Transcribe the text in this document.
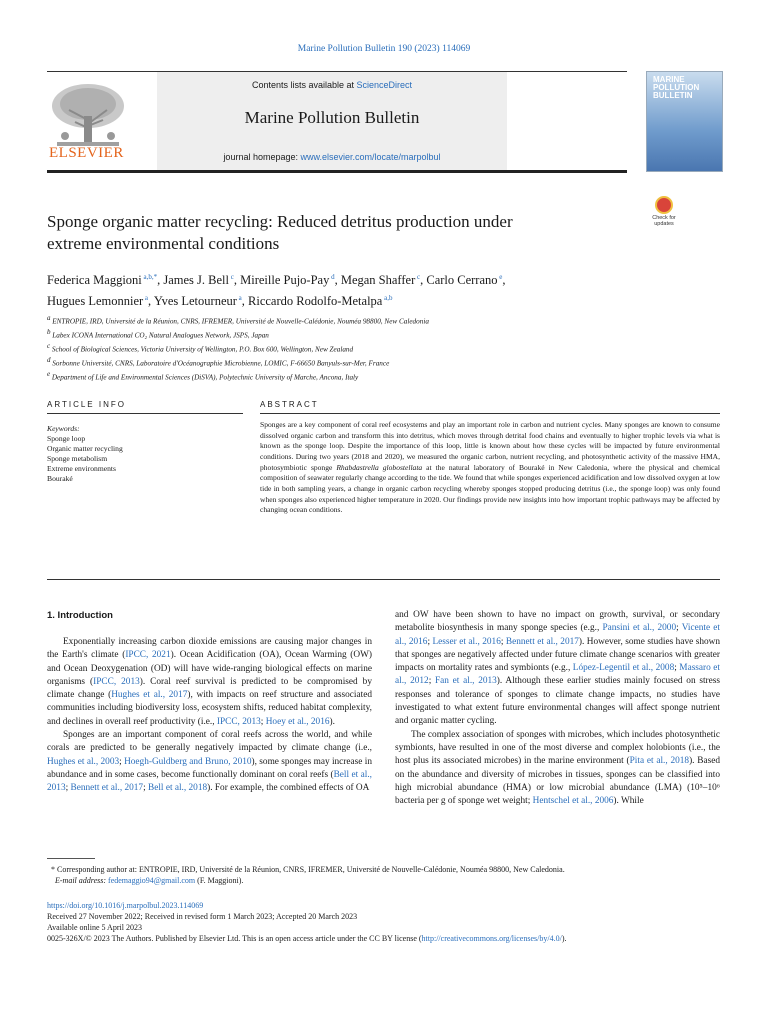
Marine Pollution Bulletin 190 (2023) 114069
ELSEVIER
Contents lists available at ScienceDirect
Marine Pollution Bulletin
journal homepage: www.elsevier.com/locate/marpolbul
MARINE
POLLUTION
BULLETIN
Check for
updates
Sponge organic matter recycling: Reduced detritus production under
extreme environmental conditions
Federica Maggioni $^{a,b,*}$, James J. Bell $^c$, Mireille Pujo-Pay $^d$, Megan Shaffer $^c$, Carlo Cerrano $^e$,
Hugues Lemonnier $^a$, Yves Letourneur $^a$, Riccardo Rodolfo-Metalpa $^{a,b}$
$^a$ ENTROPIE, IRD, Université de la Réunion, CNRS, IFREMER, Université de Nouvelle-Calédonie, Nouméa 98800, New Caledonia
$^b$ Labex ICONA International CO₂ Natural Analogues Network, JSPS, Japan
$^c$ School of Biological Sciences, Victoria University of Wellington, P.O. Box 600, Wellington, New Zealand
$^d$ Sorbonne Université, CNRS, Laboratoire d'Océanographie Microbienne, LOMIC, F-66650 Banyuls-sur-Mer, France
$^e$ Department of Life and Environmental Sciences (DiSVA), Polytechnic University of Marche, Ancona, Italy
ARTICLE INFO	ABSTRACT
Keywords:
Sponge loop
Organic matter recycling
Sponge metabolism
Extreme environments
Bouraké
Sponges are a key component of coral reef ecosystems and play an important role in carbon and nutrient cycles. Many sponges are known to consume dissolved organic carbon and transform this into detritus, which moves through detrital food chains and eventually to higher trophic levels via what is known as the sponge loop. Despite the importance of this loop, little is known about how these cycles will be impacted by future environmental conditions. During two years (2018 and 2020), we measured the organic carbon, nutrient recycling, and photosynthetic activity of the massive HMA, photosymbiotic sponge Rhabdastrella globostellata at the natural laboratory of Bouraké in New Caledonia, where the physical and chemical composition of seawater regularly change according to the tide. We found that while sponges experienced acidification and low dissolved oxygen at low tide in both sampling years, a change in organic carbon recycling whereby sponges stopped producing detritus (i.e., the sponge loop) was only found when sponges also experienced higher temperature in 2020. Our findings provide new insights into how important trophic pathways may be affected by changing ocean conditions.
1. Introduction

Exponentially increasing carbon dioxide emissions are causing major changes in the Earth's climate (IPCC, 2021). Ocean Acidification (OA), Ocean Warming (OW) and Ocean Deoxygenation (OD) will have wide-ranging biological effects on marine organisms (IPCC, 2013). Coral reef survival is predicted to be compromised by climate change (Hughes et al., 2017), with impacts on reef structure and associated communities including biodiversity loss, ecosystem shifts, reduced habitat complexity, and declines in overall reef productivity (i.e., IPCC, 2013; Hoey et al., 2016).

Sponges are an important component of coral reefs across the world, and while corals are predicted to be generally negatively impacted by climate change (i.e., Hughes et al., 2003; Hoegh-Guldberg and Bruno, 2010), some sponges may increase in abundance and in some cases, become functionally dominant on coral reefs (Bell et al., 2013; Bennett et al., 2017; Bell et al., 2018). For example, the combined effects of OA

and OW have been shown to have no impact on growth, survival, or secondary metabolite biosynthesis in many sponge species (e.g., Pansini et al., 2000; Vicente et al., 2016; Lesser et al., 2016; Bennett et al., 2017). However, some studies have shown that sponges are negatively affected under future climate change scenarios with greater impacts on mortality rates and symbionts (e.g., López-Legentil et al., 2008; Massaro et al., 2012; Fan et al., 2013). Although these earlier studies mainly focused on stress responses and tolerance of sponges to climate change impacts, no studies have investigated to what extent future environmental changes will affect sponge nutrient and organic matter cycling.

The complex association of sponges with microbes, which includes photosynthetic symbionts, have resulted in one of the most diverse and complex holobionts (i.e., the host plus its associated microbes) in the marine environment (Pita et al., 2018). Based on the abundance and diversity of microbes in tissues, sponges can be classified into high microbial abundance (HMA) or low microbial abundance (LMA) (10⁵–10⁶ bacteria per g of sponge wet weight; Hentschel et al., 2006). While

* Corresponding author at: ENTROPIE, IRD, Université de la Réunion, CNRS, IFREMER, Université de Nouvelle-Calédonie, Nouméa 98800, New Caledonia.
E-mail address: fedemaggio94@gmail.com (F. Maggioni).
https://doi.org/10.1016/j.marpolbul.2023.114069
Received 27 November 2022; Received in revised form 1 March 2023; Accepted 20 March 2023
Available online 5 April 2023
0025-326X/© 2023 The Authors. Published by Elsevier Ltd. This is an open access article under the CC BY license (http://creativecommons.org/licenses/by/4.0/).
